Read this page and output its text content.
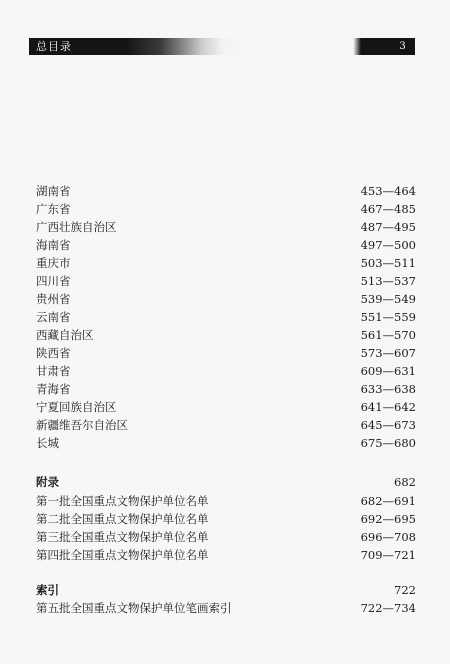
总目录	3
湖南省	453—464
广东省	467—485
广西壮族自治区	487—495
海南省	497—500
重庆市	503—511
四川省	513—537
贵州省	539—549
云南省	551—559
西藏自治区	561—570
陕西省	573—607
甘肃省	609—631
青海省	633—638
宁夏回族自治区	641—642
新疆维吾尔自治区	645—673
长城	675—680
附录	682
第一批全国重点文物保护单位名单	682—691
第二批全国重点文物保护单位名单	692—695
第三批全国重点文物保护单位名单	696—708
第四批全国重点文物保护单位名单	709—721
索引	722
第五批全国重点文物保护单位笔画索引	722—734
